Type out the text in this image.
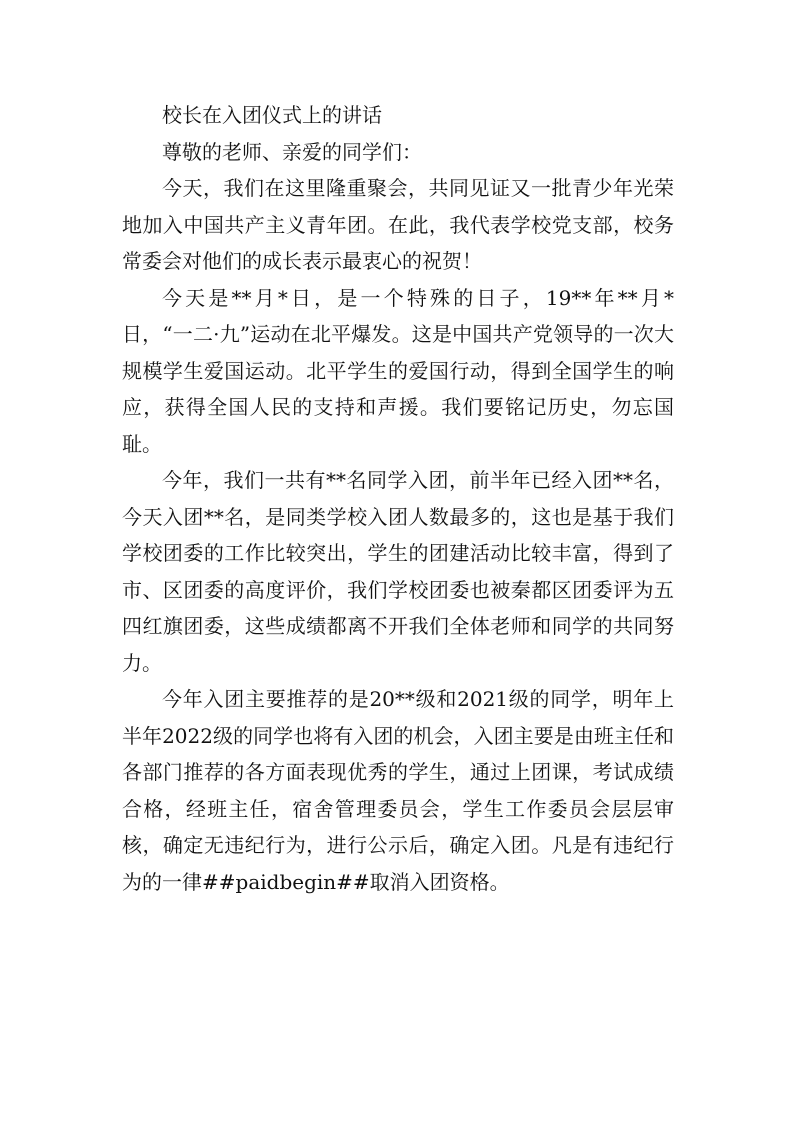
校长在入团仪式上的讲话

尊敬的老师、亲爱的同学们：

今天，我们在这里隆重聚会，共同见证又一批青少年光荣地加入中国共产主义青年团。在此，我代表学校党支部，校务常委会对他们的成长表示最衷心的祝贺！

今天是**月*日，是一个特殊的日子，19**年**月*日，“一二·九”运动在北平爆发。这是中国共产党领导的一次大规模学生爱国运动。北平学生的爱国行动，得到全国学生的响应，获得全国人民的支持和声援。我们要铭记历史，勿忘国耻。

今年，我们一共有**名同学入团，前半年已经入团**名，今天入团**名，是同类学校入团人数最多的，这也是基于我们学校团委的工作比较突出，学生的团建活动比较丰富，得到了市、区团委的高度评价，我们学校团委也被秦都区团委评为五四红旗团委，这些成绩都离不开我们全体老师和同学的共同努力。

今年入团主要推荐的是20**级和2021级的同学，明年上半年2022级的同学也将有入团的机会，入团主要是由班主任和各部门推荐的各方面表现优秀的学生，通过上团课，考试成绩合格，经班主任，宿舍管理委员会，学生工作委员会层层审核，确定无违纪行为，进行公示后，确定入团。凡是有违纪行为的一律##paidbegin##取消入团资格。
